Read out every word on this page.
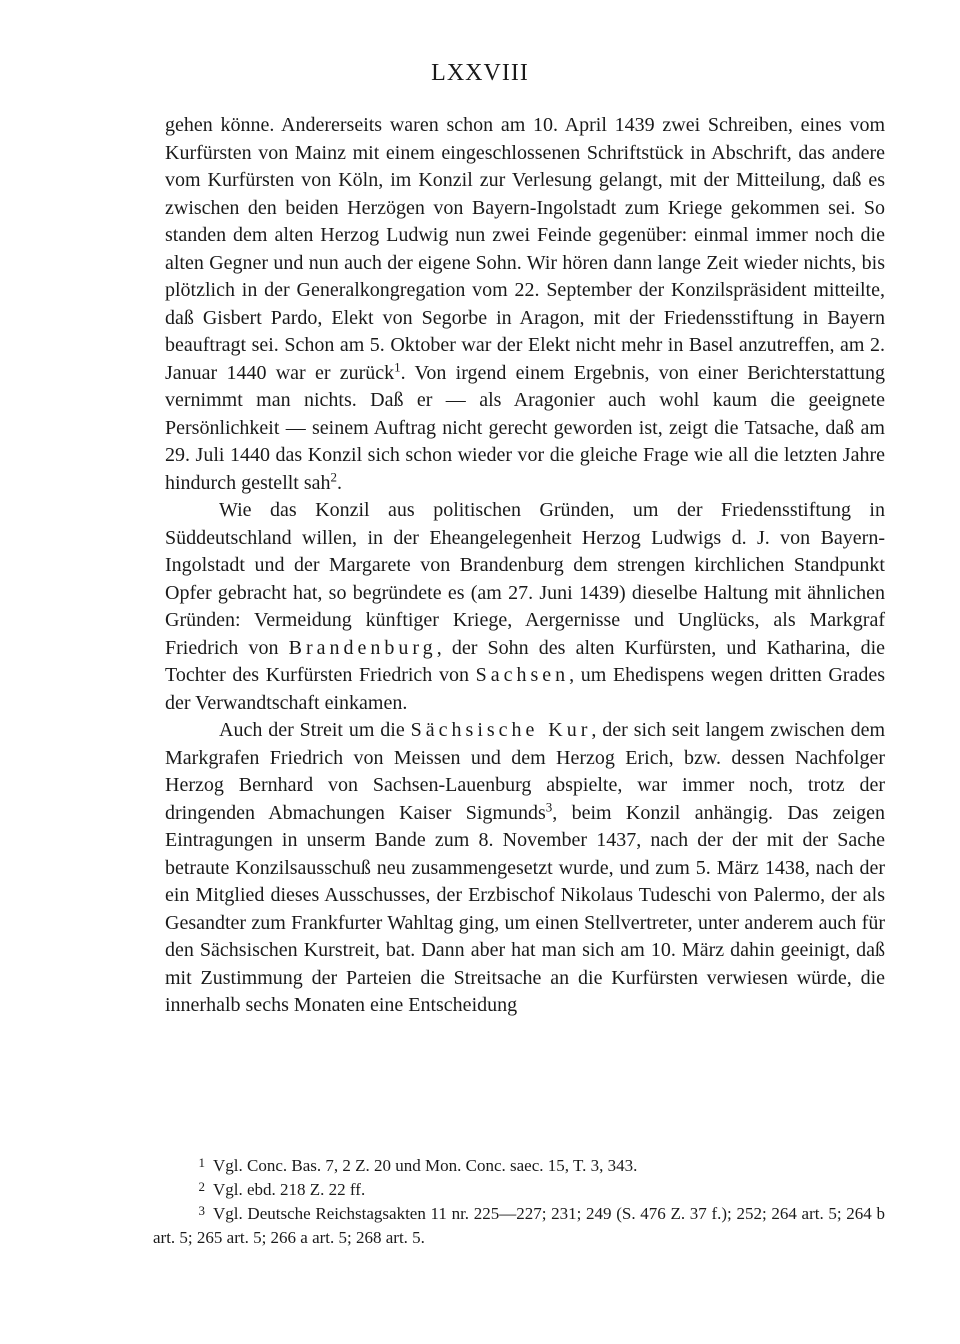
LXXVIII

gehen könne. Andererseits waren schon am 10. April 1439 zwei Schreiben, eines vom Kurfürsten von Mainz mit einem eingeschlossenen Schriftstück in Abschrift, das andere vom Kurfürsten von Köln, im Konzil zur Verlesung gelangt, mit der Mitteilung, daß es zwischen den beiden Herzögen von Bayern-Ingolstadt zum Kriege gekommen sei. So standen dem alten Herzog Ludwig nun zwei Feinde gegenüber: einmal immer noch die alten Gegner und nun auch der eigene Sohn. Wir hören dann lange Zeit wieder nichts, bis plötzlich in der Generalkongregation vom 22. September der Konzilspräsident mitteilte, daß Gisbert Pardo, Elekt von Segorbe in Aragon, mit der Friedensstiftung in Bayern beauftragt sei. Schon am 5. Oktober war der Elekt nicht mehr in Basel anzutreffen, am 2. Januar 1440 war er zurück$^1$. Von irgend einem Ergebnis, von einer Berichterstattung vernimmt man nichts. Daß er — als Aragonier auch wohl kaum die geeignete Persönlichkeit — seinem Auftrag nicht gerecht geworden ist, zeigt die Tatsache, daß am 29. Juli 1440 das Konzil sich schon wieder vor die gleiche Frage wie all die letzten Jahre hindurch gestellt sah$^2$.

Wie das Konzil aus politischen Gründen, um der Friedensstiftung in Süddeutschland willen, in der Eheangelegenheit Herzog Ludwigs d. J. von Bayern-Ingolstadt und der Margarete von Brandenburg dem strengen kirchlichen Standpunkt Opfer gebracht hat, so begründete es (am 27. Juni 1439) dieselbe Haltung mit ähnlichen Gründen: Vermeidung künftiger Kriege, Aergernisse und Unglücks, als Markgraf Friedrich von Brandenburg, der Sohn des alten Kurfürsten, und Katharina, die Tochter des Kurfürsten Friedrich von Sachsen, um Ehedispens wegen dritten Grades der Verwandtschaft einkamen.

Auch der Streit um die Sächsische Kur, der sich seit langem zwischen dem Markgrafen Friedrich von Meissen und dem Herzog Erich, bzw. dessen Nachfolger Herzog Bernhard von Sachsen-Lauenburg abspielte, war immer noch, trotz der dringenden Abmachungen Kaiser Sigmunds$^3$, beim Konzil anhängig. Das zeigen Eintragungen in unserm Bande zum 8. November 1437, nach der der mit der Sache betraute Konzilsausschuß neu zusammengesetzt wurde, und zum 5. März 1438, nach der ein Mitglied dieses Ausschusses, der Erzbischof Nikolaus Tudeschi von Palermo, der als Gesandter zum Frankfurter Wahltag ging, um einen Stellvertreter, unter anderem auch für den Sächsischen Kurstreit, bat. Dann aber hat man sich am 10. März dahin geeinigt, daß mit Zustimmung der Parteien die Streitsache an die Kurfürsten verwiesen würde, die innerhalb sechs Monaten eine Entscheidung

1 Vgl. Conc. Bas. 7, 2 Z. 20 und Mon. Conc. saec. 15, T. 3, 343.

2 Vgl. ebd. 218 Z. 22 ff.

3 Vgl. Deutsche Reichstagsakten 11 nr. 225—227; 231; 249 (S. 476 Z. 37 f.); 252; 264 art. 5; 264 b art. 5; 265 art. 5; 266 a art. 5; 268 art. 5.
